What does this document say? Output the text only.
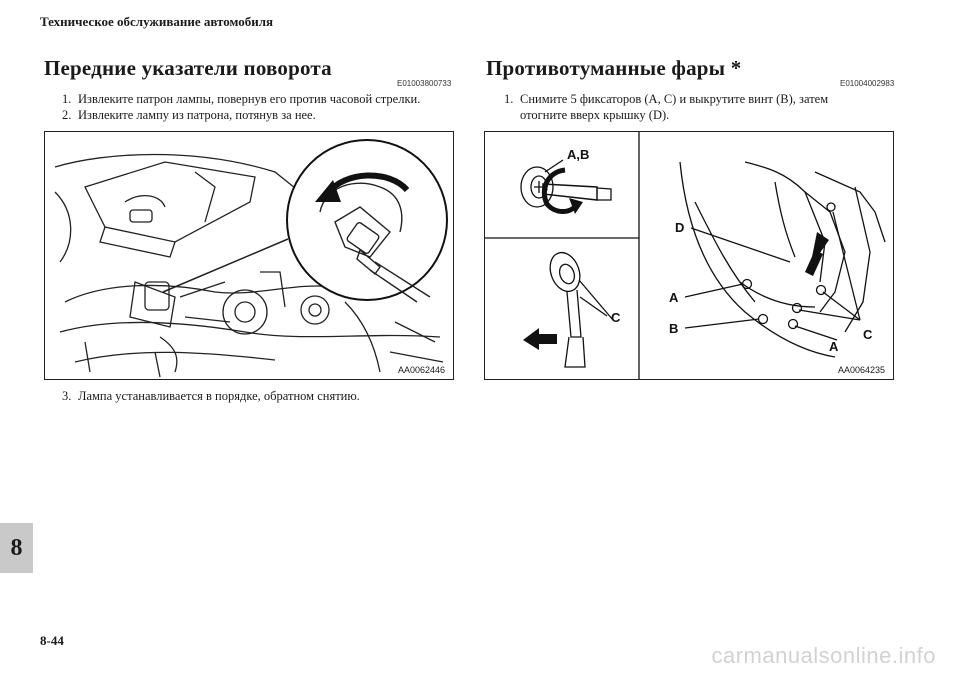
Техническое обслуживание автомобиля
Передние указатели поворота
E01003800733
1. Извлеките патрон лампы, повернув его против часовой стрелки.
2. Извлеките лампу из патрона, потянув за нее.
AA0062446
3. Лампа устанавливается в порядке, обратном снятию.
Противотуманные фары *
E01004002983
1. Снимите 5 фиксаторов (A, C) и выкрутите винт (B), затем
отогните вверх крышку (D).
A,B
C
D
A
B
A
C
AA0064235
8
8-44
carmanualsonline.info
